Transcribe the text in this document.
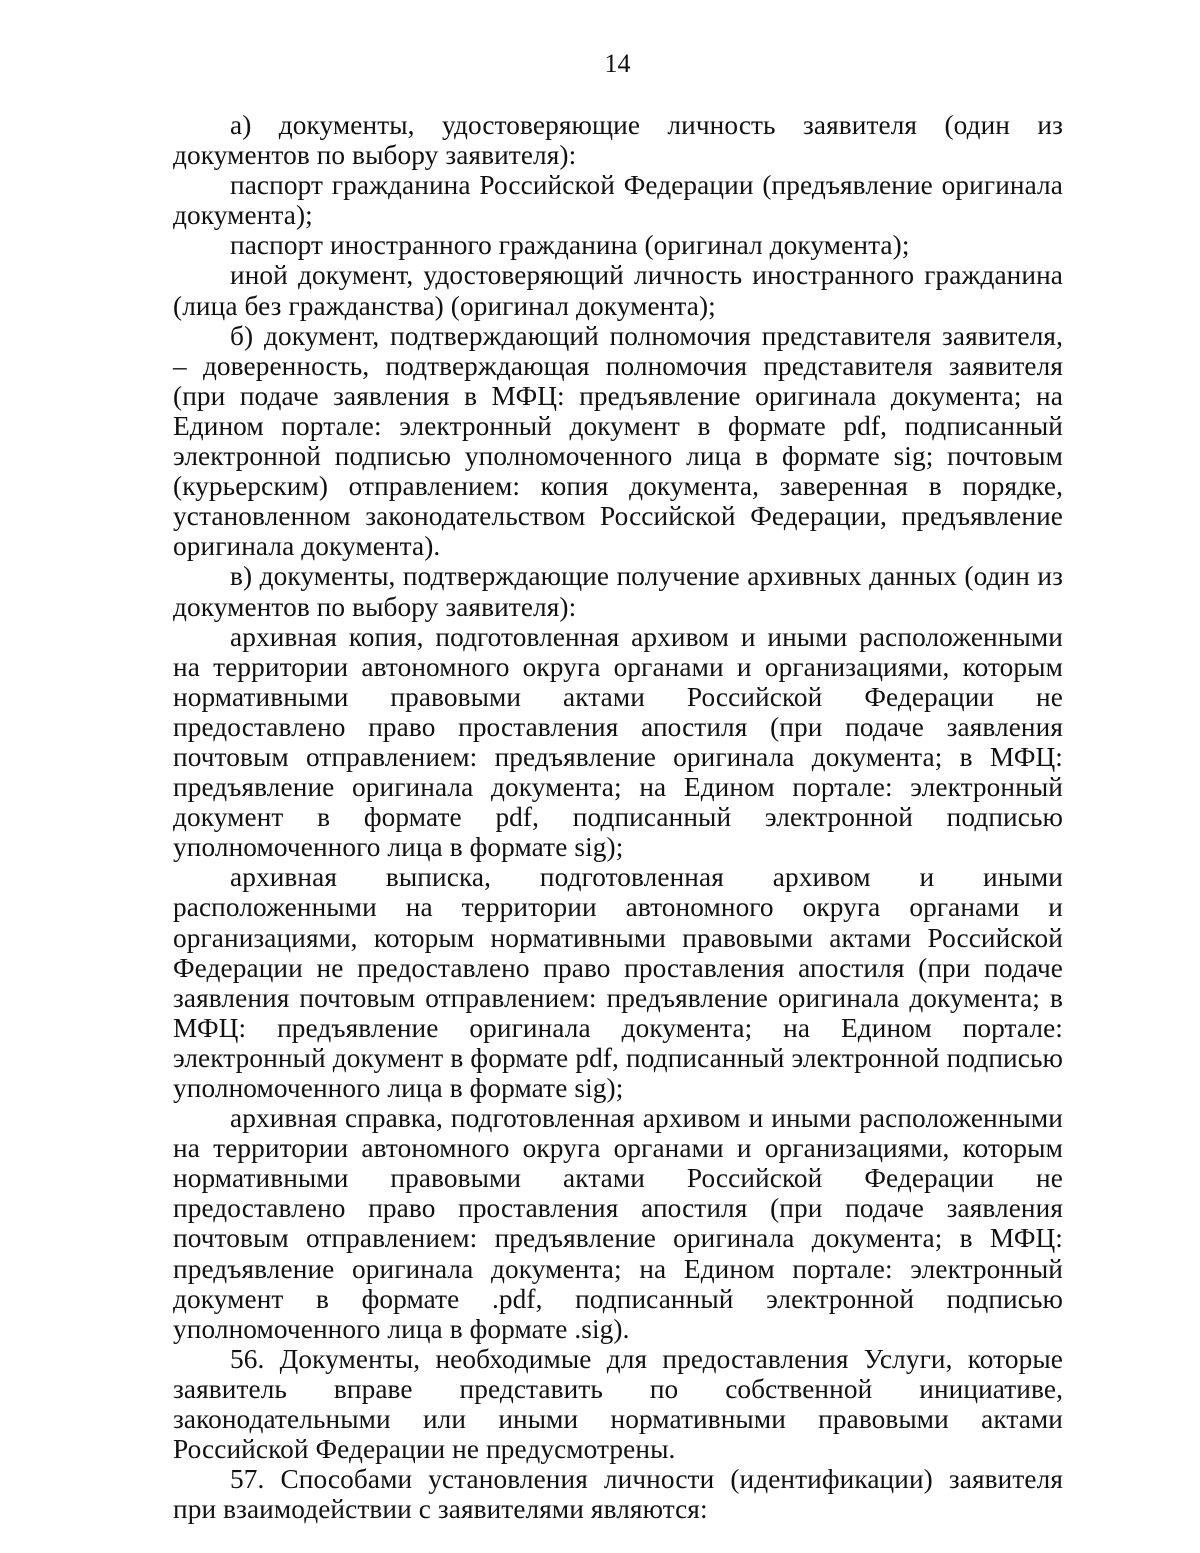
14

а) документы, удостоверяющие личность заявителя (один из документов по выбору заявителя):

паспорт гражданина Российской Федерации (предъявление оригинала документа);

паспорт иностранного гражданина (оригинал документа);

иной документ, удостоверяющий личность иностранного гражданина (лица без гражданства) (оригинал документа);

б) документ, подтверждающий полномочия представителя заявителя, – доверенность, подтверждающая полномочия представителя заявителя (при подаче заявления в МФЦ: предъявление оригинала документа; на Едином портале: электронный документ в формате pdf, подписанный электронной подписью уполномоченного лица в формате sig; почтовым (курьерским) отправлением: копия документа, заверенная в порядке, установленном законодательством Российской Федерации, предъявление оригинала документа).

в) документы, подтверждающие получение архивных данных (один из документов по выбору заявителя):

архивная копия, подготовленная архивом и иными расположенными на территории автономного округа органами и организациями, которым нормативными правовыми актами Российской Федерации не предоставлено право проставления апостиля (при подаче заявления почтовым отправлением: предъявление оригинала документа; в МФЦ: предъявление оригинала документа; на Едином портале: электронный документ в формате pdf, подписанный электронной подписью уполномоченного лица в формате sig);

архивная выписка, подготовленная архивом и иными расположенными на территории автономного округа органами и организациями, которым нормативными правовыми актами Российской Федерации не предоставлено право проставления апостиля (при подаче заявления почтовым отправлением: предъявление оригинала документа; в МФЦ: предъявление оригинала документа; на Едином портале: электронный документ в формате pdf, подписанный электронной подписью уполномоченного лица в формате sig);

архивная справка, подготовленная архивом и иными расположенными на территории автономного округа органами и организациями, которым нормативными правовыми актами Российской Федерации не предоставлено право проставления апостиля (при подаче заявления почтовым отправлением: предъявление оригинала документа; в МФЦ: предъявление оригинала документа; на Едином портале: электронный документ в формате .pdf, подписанный электронной подписью уполномоченного лица в формате .sig).

56. Документы, необходимые для предоставления Услуги, которые заявитель вправе представить по собственной инициативе, законодательными или иными нормативными правовыми актами Российской Федерации не предусмотрены.

57. Способами установления личности (идентификации) заявителя при взаимодействии с заявителями являются:
